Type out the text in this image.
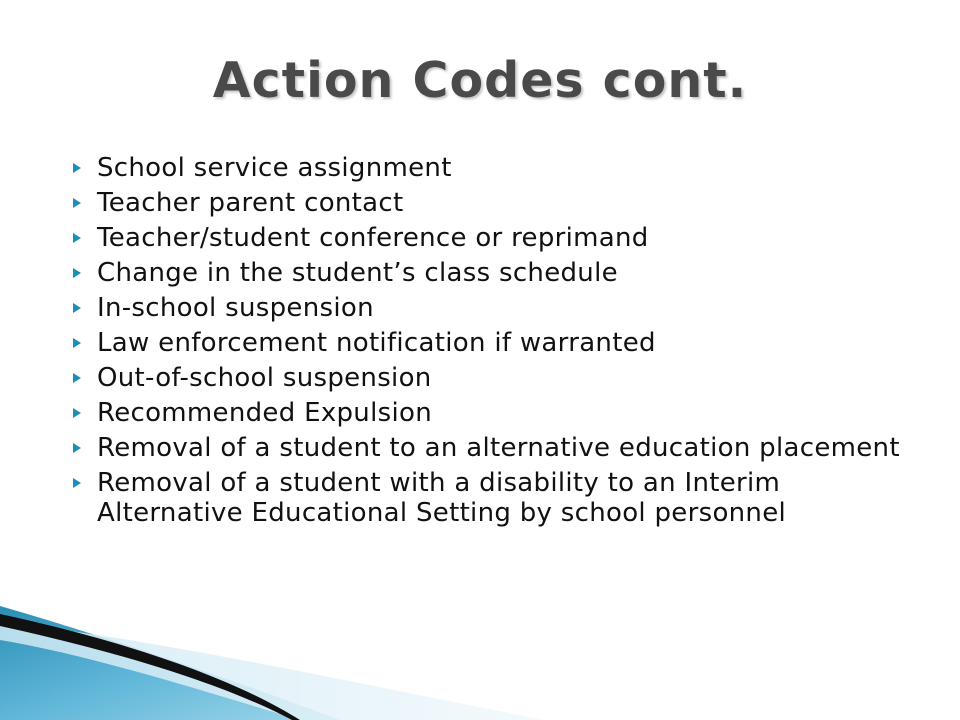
Action Codes cont.
School service assignment
Teacher parent contact
Teacher/student conference or reprimand
Change in the student’s class schedule
In-school suspension
Law enforcement notification if warranted
Out-of-school suspension
Recommended Expulsion
Removal of a student to an alternative education placement
Removal of a student with a disability to an Interim Alternative Educational Setting by school personnel
